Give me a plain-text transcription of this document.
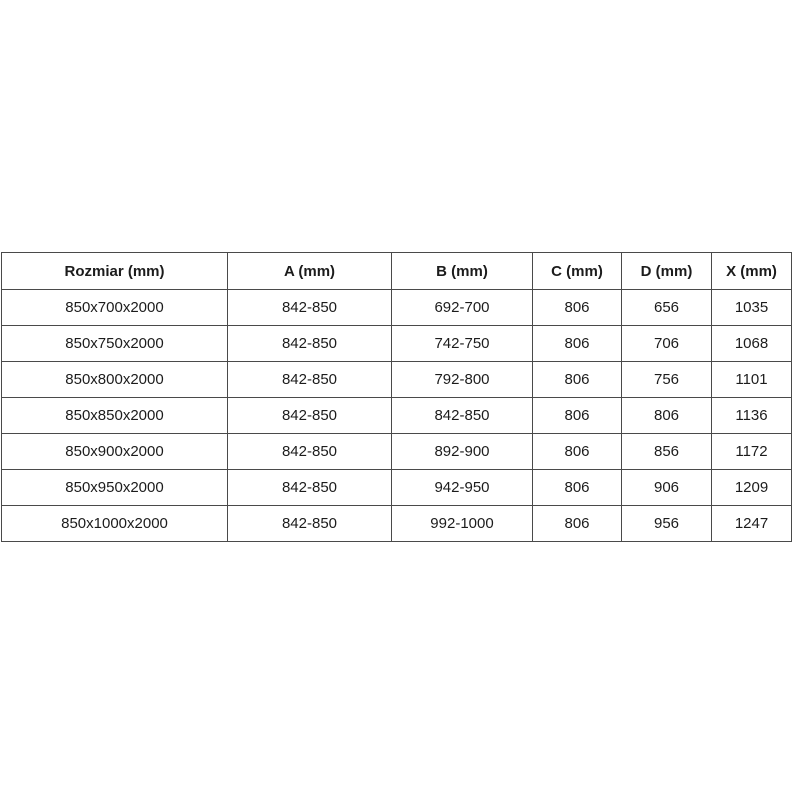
Rozmiar (mm)	A (mm)	B (mm)	C (mm)	D (mm)	X (mm)
850x700x2000	842-850	692-700	806	656	1035
850x750x2000	842-850	742-750	806	706	1068
850x800x2000	842-850	792-800	806	756	1101
850x850x2000	842-850	842-850	806	806	1136
850x900x2000	842-850	892-900	806	856	1172
850x950x2000	842-850	942-950	806	906	1209
850x1000x2000	842-850	992-1000	806	956	1247
